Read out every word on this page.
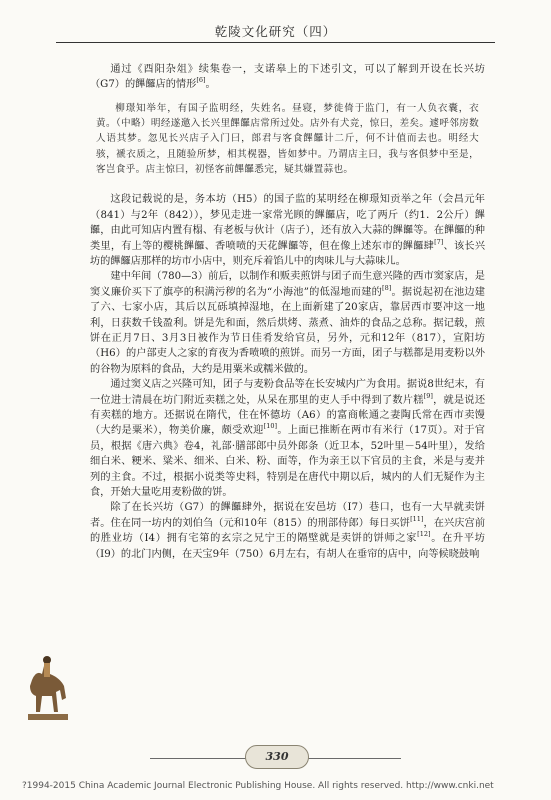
乾陵文化研究（四）

通过《酉阳杂俎》续集卷一，支诺皋上的下述引文，可以了解到开设在长兴坊（G7）的饆饠店的情形[6]。

柳璟知举年，有国子监明经，失姓名。昼寝，梦徙倚于监门，有一人负衣囊，衣黄。（中略）明经遂邀入长兴里饆饠店常所过处。店外有犬竞，惊曰，差矣。遽呼邻房数人语其梦。忽见长兴店子入门曰，郎君与客食饆饠计二斤，何不计值而去也。明经大骇，褫衣质之，且随验所梦，相其榥器，皆如梦中。乃谓店主曰，我与客俱梦中至是，客岂食乎。店主惊曰，初怪客前饆饠悉完，疑其嫌置蒜也。

这段记载说的是，务本坊（H5）的国子监的某明经在柳璟知贡举之年（会昌元年（841）与2年（842）），梦见走进一家常光顾的饆饠店，吃了两斤（约1．2公斤）饆饠，由此可知店内置有榻、有老板与伙计（店子），还有放入大蒜的饆饠等。在饆饠的种类里，有上等的樱桃饆饠、香喷喷的天花饆饠等，但在像上述东市的饆饠肆[7]、该长兴坊的饆饠店那样的坊市小店中，则充斥着馅儿中的肉味儿与大蒜味儿。

建中年间（780—3）前后，以制作和贩卖煎饼与团子而生意兴隆的西市窦家店，是窦义廉价买下了旗亭的积满污秽的名为“小海池”的低湿地而建的[8]。据说起初在池边建了六、七家小店，其后以瓦砾填掉湿地，在上面新建了20家店，靠居西市要冲这一地利，日获数千钱盈利。饼是先和面，然后烘烤、蒸煮、油炸的食品之总称。据记载，煎饼在正月7日、3月3日被作为节日佳肴发给官员，另外，元和12年（817），宣阳坊（H6）的户部吏人之家的育夜为香喷喷的煎饼。而另一方面，团子与糕都是用麦粉以外的谷物为原料的食品，大约是用粟米或糯米做的。

通过窦义店之兴隆可知，团子与麦粉食品等在长安城内广为食用。据说8世纪末，有一位进士清晨在坊门附近卖糕之处，从呆在那里的吏人手中得到了数片糕[9]，就是说还有卖糕的地方。还据说在隋代，住在怀德坊（A6）的富商帐通之妻陶氏常在西市卖馒（大约是粟米），物美价廉，颇受欢迎[10]。上面已推断在两市有米行（17页）。对于官员，根据《唐六典》卷4，礼部·膳部郎中员外郎条（近卫本，52叶里－54叶里），发给细白米、粳米、粱米、细米、白米、粉、面等，作为亲王以下官员的主食，米是与麦并列的主食。不过，根据小说类等史料，特别是在唐代中期以后，城内的人们无疑作为主食，开始大量吃用麦粉做的饼。

除了在长兴坊（G7）的饆饠肆外，据说在安邑坊（I7）巷口，也有一大早就卖饼者。住在同一坊内的刘伯刍（元和10年（815）的刑部侍郎）每日买饼[11]，在兴庆宫前的胜业坊（I4）拥有宅第的玄宗之兄宁王的隔壁就是卖饼的饼师之家[12]。在升平坊（I9）的北门内侧，在天宝9年（750）6月左右，有胡人在垂帘的店中，向等候晓鼓响

330
?1994-2015 China Academic Journal Electronic Publishing House. All rights reserved. http://www.cnki.net
